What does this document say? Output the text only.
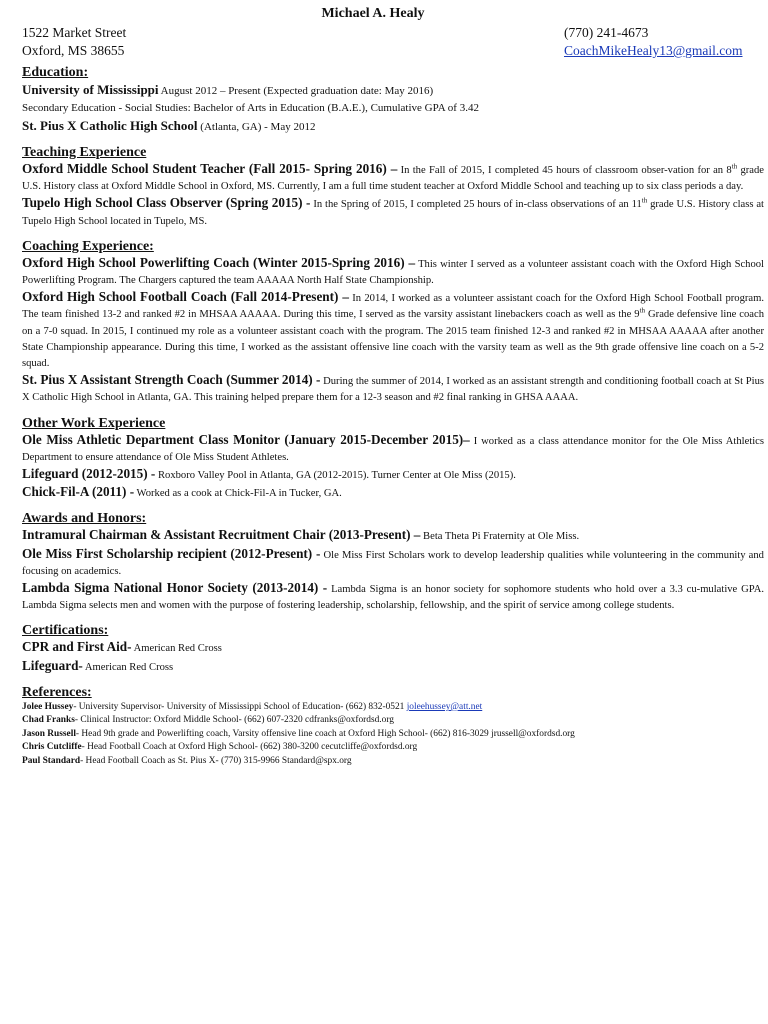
Michael A. Healy
1522 Market Street	(770) 241-4673
Oxford, MS 38655	CoachMikeHealy13@gmail.com
Education:
University of Mississippi August 2012 – Present (Expected graduation date: May 2016)
Secondary Education - Social Studies: Bachelor of Arts in Education (B.A.E.), Cumulative GPA of 3.42
St. Pius X Catholic High School (Atlanta, GA) - May 2012
Teaching Experience
Oxford Middle School Student Teacher (Fall 2015- Spring 2016) – In the Fall of 2015, I completed 45 hours of classroom obser-vation for an 8th grade U.S. History class at Oxford Middle School in Oxford, MS. Currently, I am a full time student teacher at Oxford Middle School and teaching up to six class periods a day.
Tupelo High School Class Observer (Spring 2015) - In the Spring of 2015, I completed 25 hours of in-class observations of an 11th grade U.S. History class at Tupelo High School located in Tupelo, MS.
Coaching Experience:
Oxford High School Powerlifting Coach (Winter 2015-Spring 2016) – This winter I served as a volunteer assistant coach with the Oxford High School Powerlifting Program. The Chargers captured the team AAAAA North Half State Championship.
Oxford High School Football Coach (Fall 2014-Present) – In 2014, I worked as a volunteer assistant coach for the Oxford High School Football program. The team finished 13-2 and ranked #2 in MHSAA AAAAA. During this time, I served as the varsity assistant linebackers coach as well as the 9th Grade defensive line coach on a 7-0 squad. In 2015, I continued my role as a volunteer assistant coach with the program. The 2015 team finished 12-3 and ranked #2 in MHSAA AAAAA after another State Championship appearance. During this time, I worked as the assistant offensive line coach with the varsity team as well as the 9th grade offensive line coach on a 5-2 squad.
St. Pius X Assistant Strength Coach (Summer 2014) - During the summer of 2014, I worked as an assistant strength and conditioning football coach at St Pius X Catholic High School in Atlanta, GA. This training helped prepare them for a 12-3 season and #2 final ranking in GHSA AAAA.
Other Work Experience
Ole Miss Athletic Department Class Monitor (January 2015-December 2015)– I worked as a class attendance monitor for the Ole Miss Athletics Department to ensure attendance of Ole Miss Student Athletes.
Lifeguard (2012-2015) - Roxboro Valley Pool in Atlanta, GA (2012-2015). Turner Center at Ole Miss (2015).
Chick-Fil-A (2011) - Worked as a cook at Chick-Fil-A in Tucker, GA.
Awards and Honors:
Intramural Chairman & Assistant Recruitment Chair (2013-Present) – Beta Theta Pi Fraternity at Ole Miss.
Ole Miss First Scholarship recipient (2012-Present) - Ole Miss First Scholars work to develop leadership qualities while volunteering in the community and focusing on academics.
Lambda Sigma National Honor Society (2013-2014) - Lambda Sigma is an honor society for sophomore students who hold over a 3.3 cu-mulative GPA. Lambda Sigma selects men and women with the purpose of fostering leadership, scholarship, fellowship, and the spirit of service among college students.
Certifications:
CPR and First Aid- American Red Cross
Lifeguard- American Red Cross
References:
Jolee Hussey- University Supervisor- University of Mississippi School of Education- (662) 832-0521 joleehussey@att.net
Chad Franks- Clinical Instructor: Oxford Middle School- (662) 607-2320 cdfranks@oxfordsd.org
Jason Russell- Head 9th grade and Powerlifting coach, Varsity offensive line coach at Oxford High School- (662) 816-3029 jrussell@oxfordsd.org
Chris Cutcliffe- Head Football Coach at Oxford High School- (662) 380-3200 cecutcliffe@oxfordsd.org
Paul Standard- Head Football Coach as St. Pius X- (770) 315-9966 Standard@spx.org
